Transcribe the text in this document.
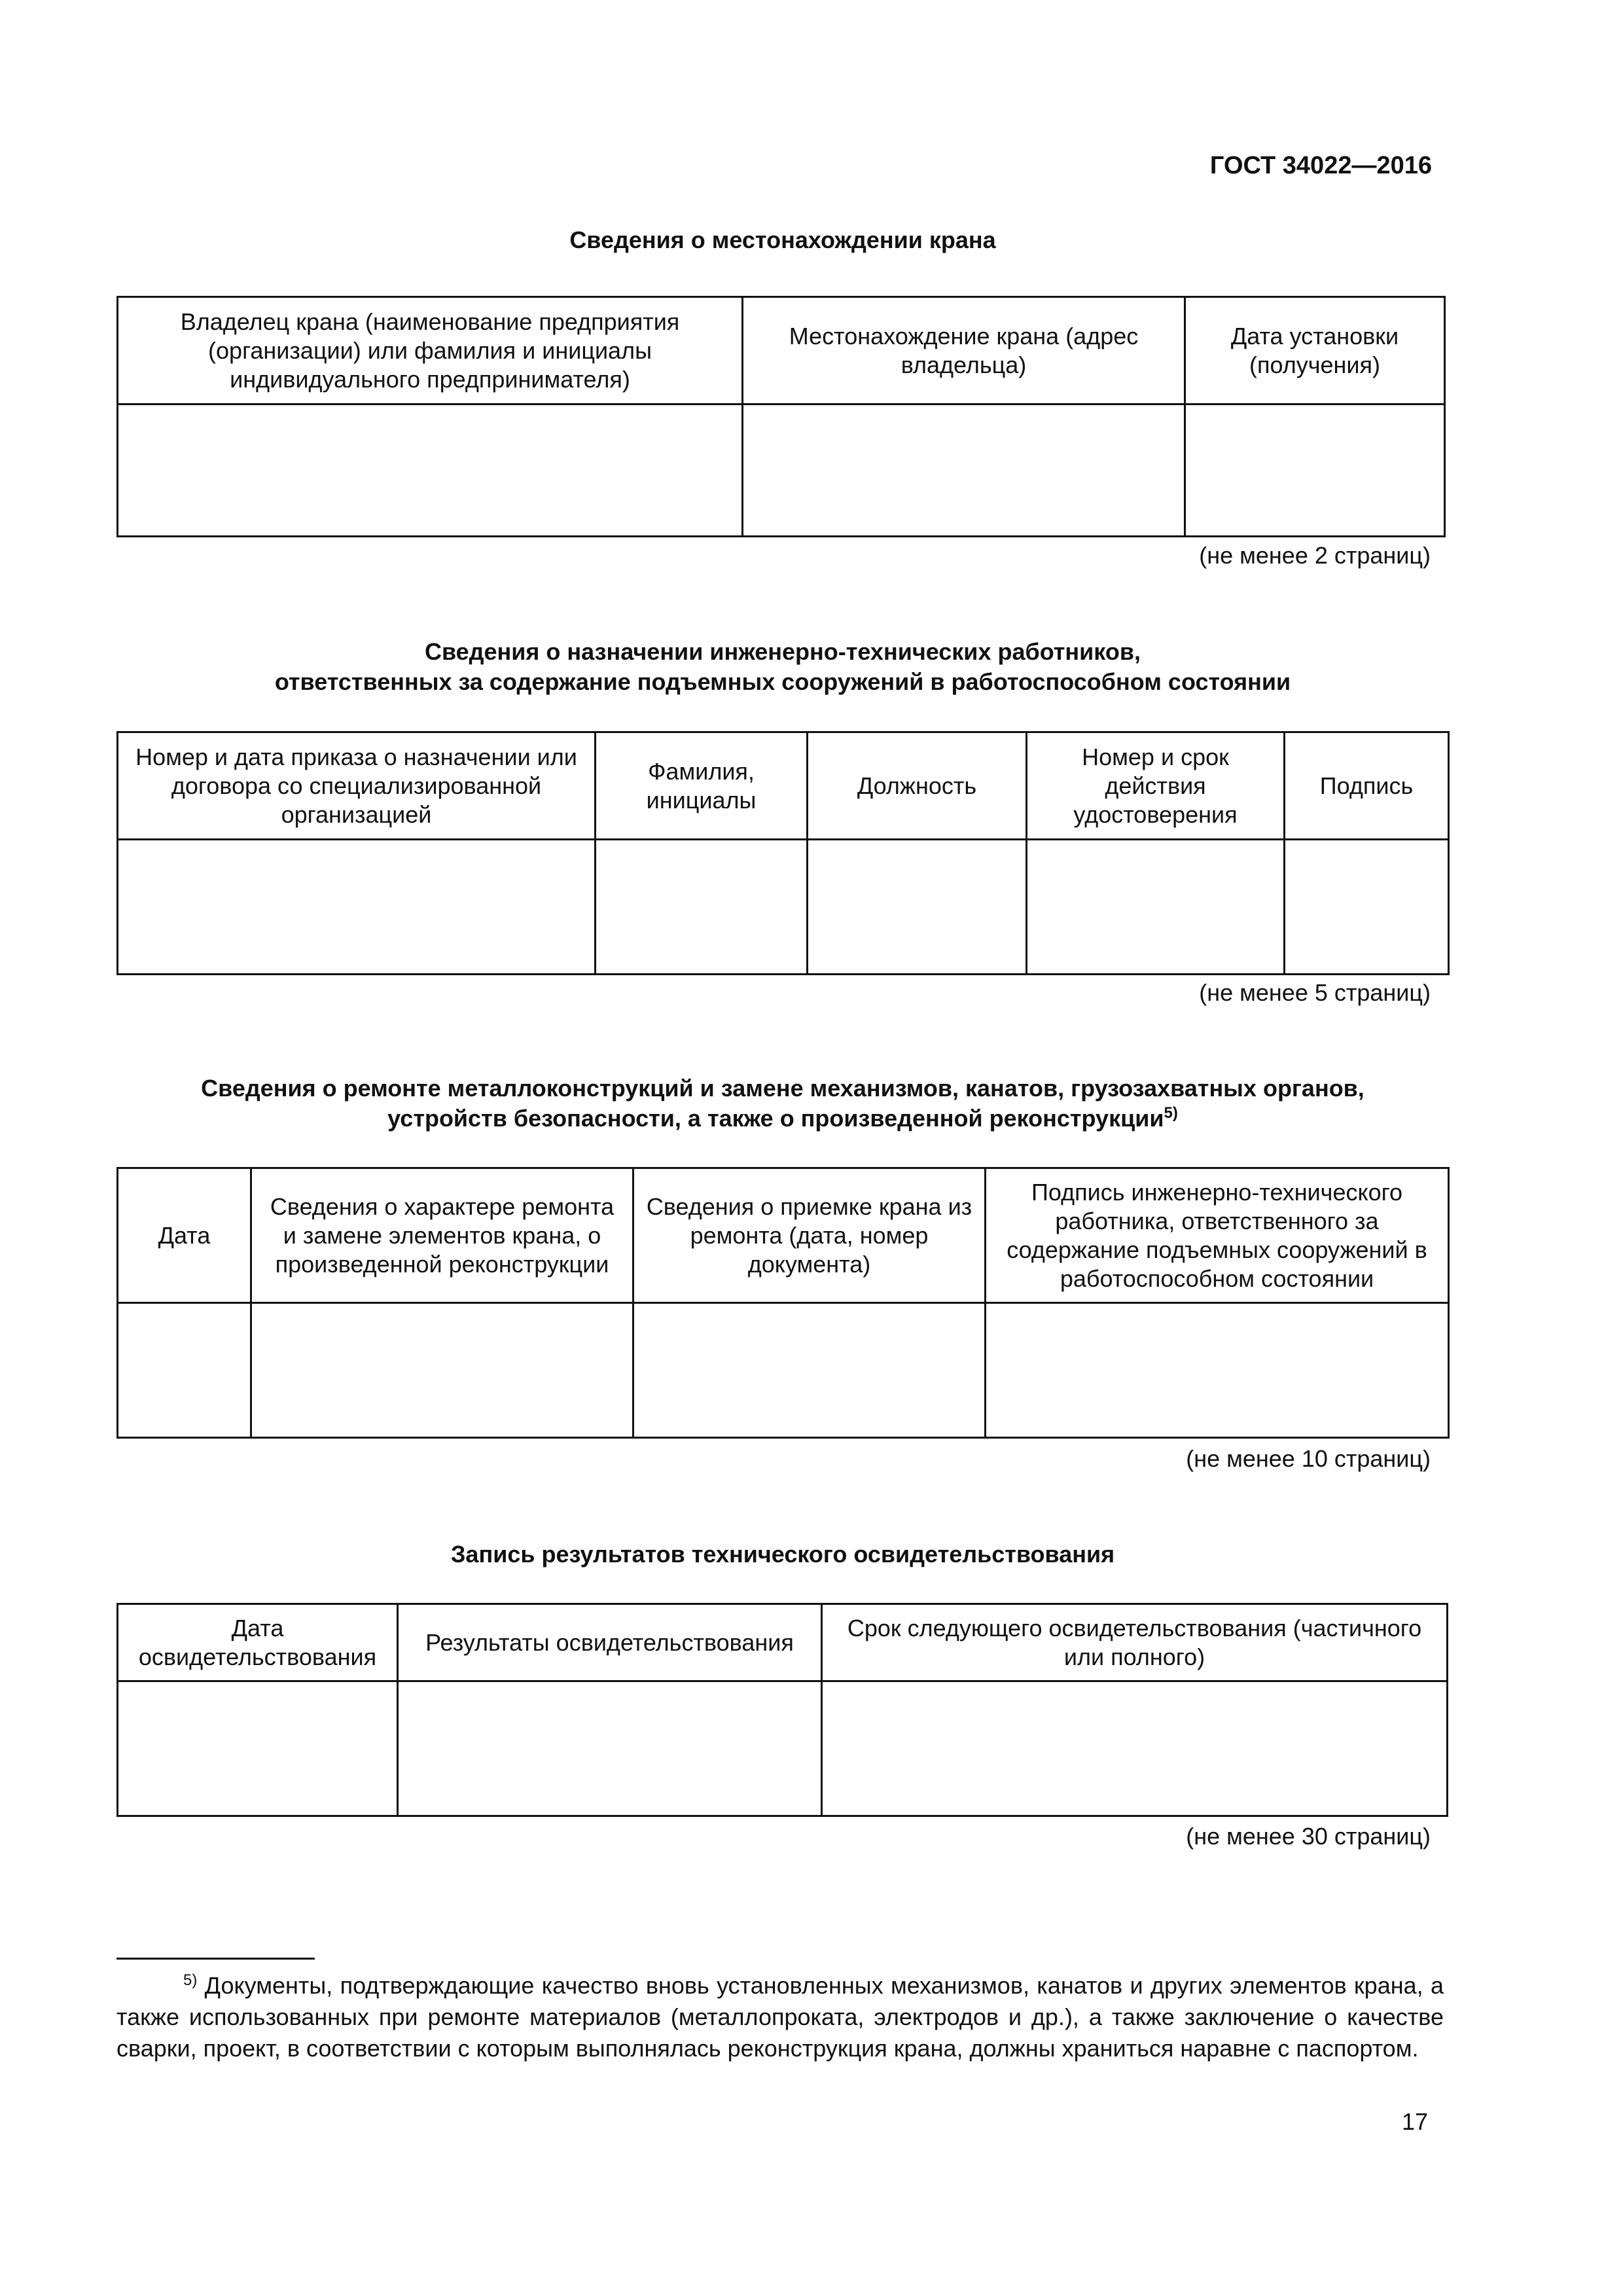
ГОСТ 34022—2016
Сведения о местонахождении крана
Владелец крана (наименование предприятия (организации) или фамилия и инициалы индивидуального предпринимателя)	Местонахождение крана (адрес владельца)	Дата установки (получения)

(не менее 2 страниц)
Сведения о назначении инженерно-технических работников,
ответственных за содержание подъемных сооружений в работоспособном состоянии
Номер и дата приказа о назначении или договора со специализированной организацией	Фамилия, инициалы	Должность	Номер и срок действия удостоверения	Подпись

(не менее 5 страниц)
Сведения о ремонте металлоконструкций и замене механизмов, канатов, грузозахватных органов,
устройств безопасности, а также о произведенной реконструкции$^{5)}$
Дата	Сведения о характере ремонта и замене элементов крана, о произведенной реконструкции	Сведения о приемке крана из ремонта (дата, номер документа)	Подпись инженерно-технического работника, ответственного за содержание подъемных сооружений в работоспособном состоянии

(не менее 10 страниц)
Запись результатов технического освидетельствования
Дата освидетельствования	Результаты освидетельствования	Срок следующего освидетельствования (частичного или полного)

(не менее 30 страниц)
$^{5)}$ Документы, подтверждающие качество вновь установленных механизмов, канатов и других элементов крана, а также использованных при ремонте материалов (металлопроката, электродов и др.), а также заключение о качестве сварки, проект, в соответствии с которым выполнялась реконструкция крана, должны храниться наравне с паспортом.
17
